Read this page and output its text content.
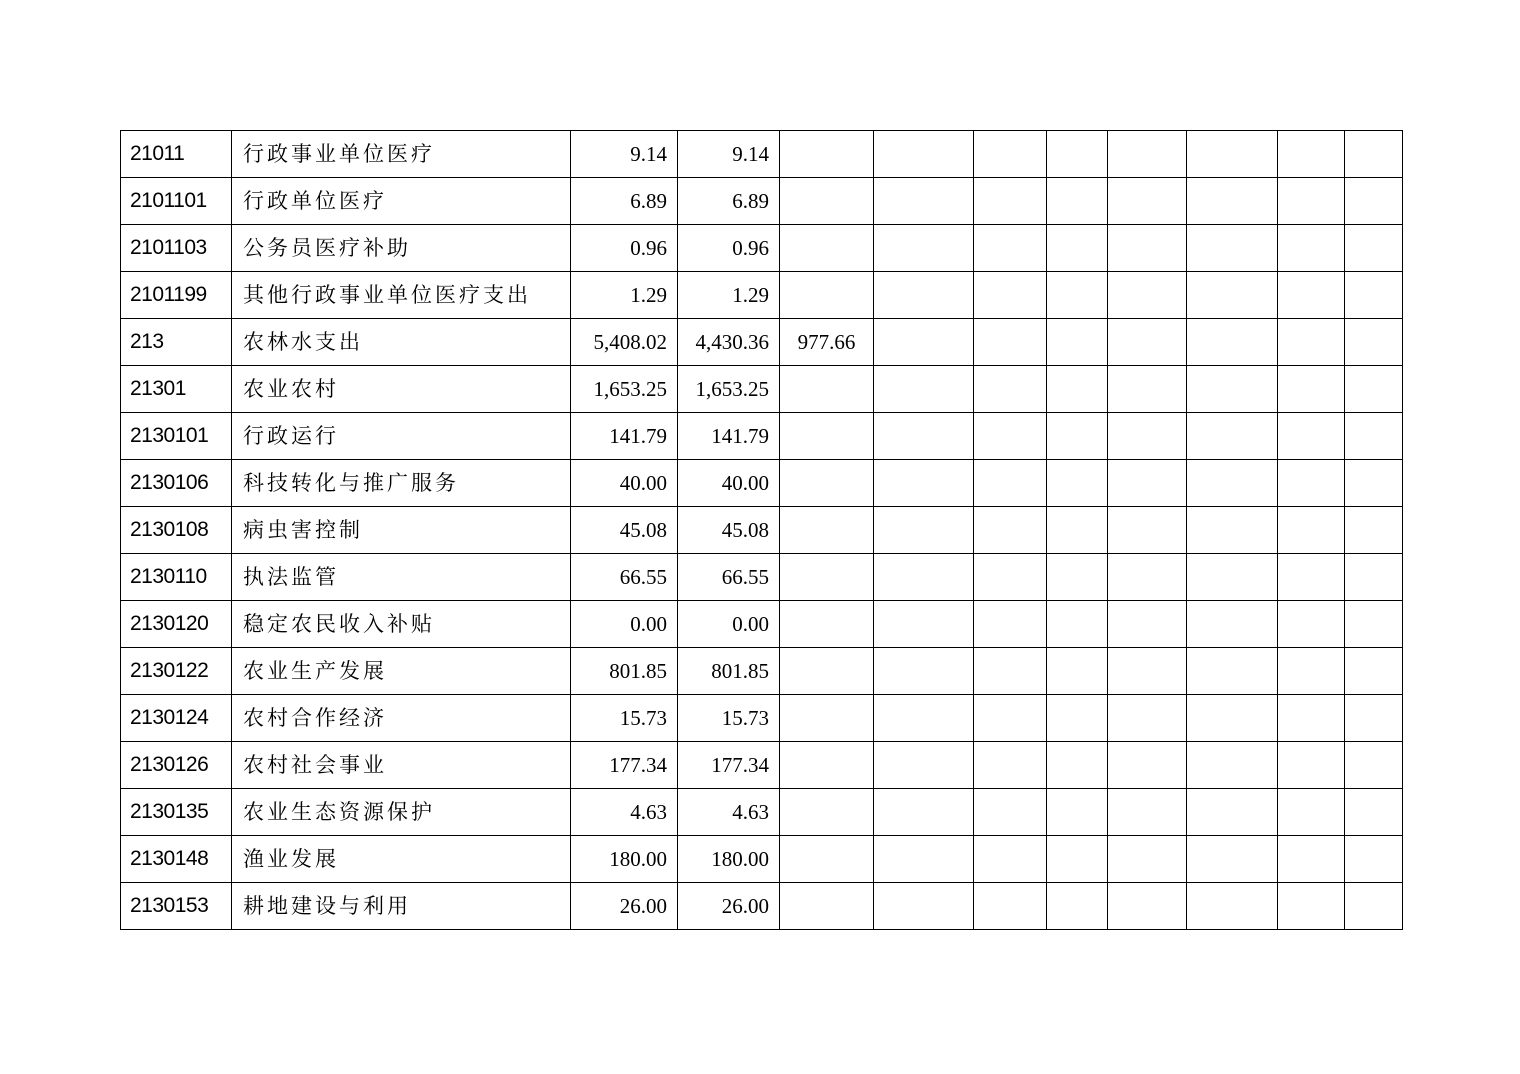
21011	行政事业单位医疗	9.14	9.14								
2101101	行政单位医疗	6.89	6.89								
2101103	公务员医疗补助	0.96	0.96								
2101199	其他行政事业单位医疗支出	1.29	1.29								
213	农林水支出	5,408.02	4,430.36	977.66							
21301	农业农村	1,653.25	1,653.25								
2130101	行政运行	141.79	141.79								
2130106	科技转化与推广服务	40.00	40.00								
2130108	病虫害控制	45.08	45.08								
2130110	执法监管	66.55	66.55								
2130120	稳定农民收入补贴	0.00	0.00								
2130122	农业生产发展	801.85	801.85								
2130124	农村合作经济	15.73	15.73								
2130126	农村社会事业	177.34	177.34								
2130135	农业生态资源保护	4.63	4.63								
2130148	渔业发展	180.00	180.00								
2130153	耕地建设与利用	26.00	26.00								
